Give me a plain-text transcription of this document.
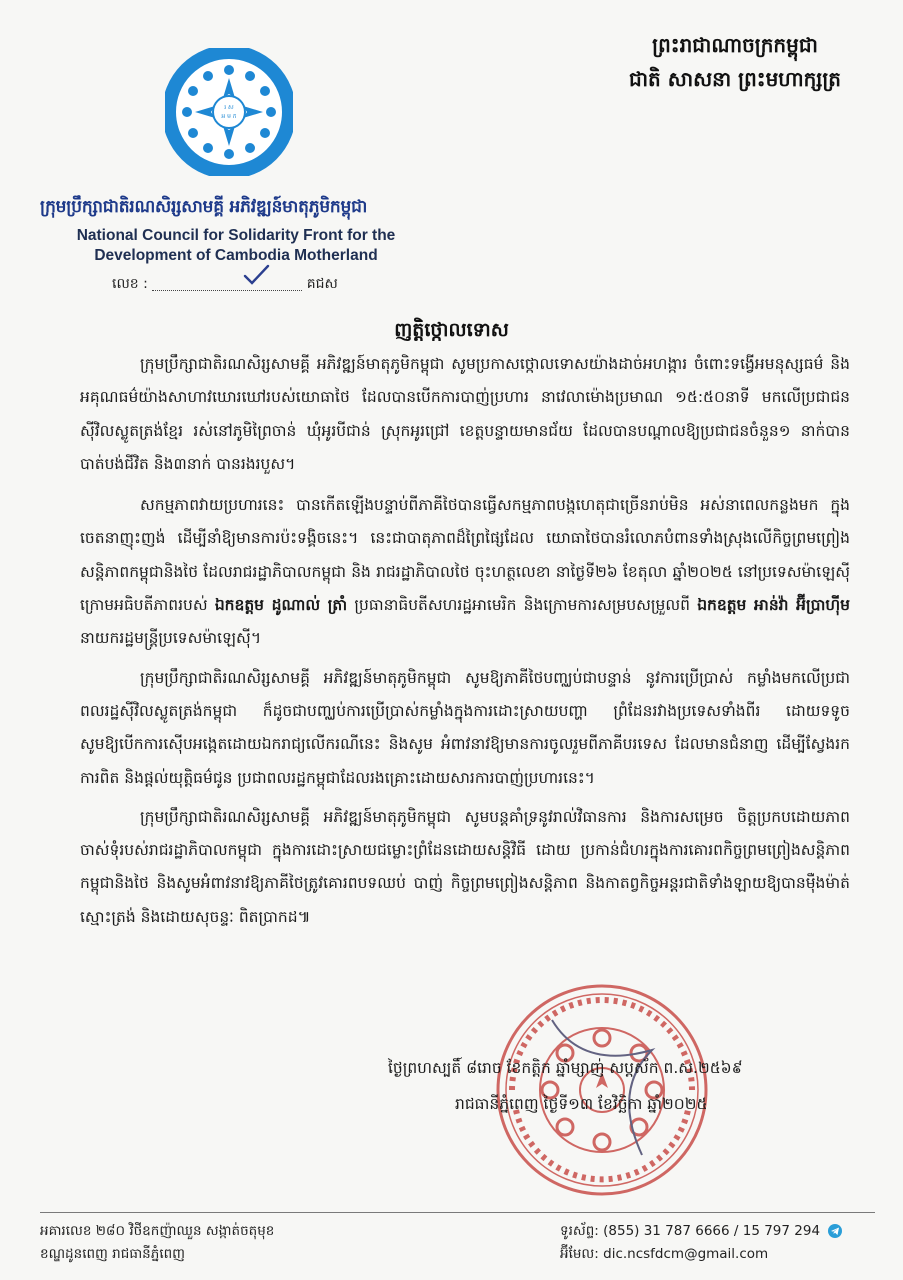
រ ស
អ ម ក
ព្រះរាជាណាចក្រកម្ពុជា
ជាតិ សាសនា ព្រះមហាក្សត្រ
ក្រុមប្រឹក្សាជាតិរណសិរ្សសាមគ្គី អភិវឌ្ឍន៍មាតុភូមិកម្ពុជា
National Council for Solidarity Front for the
Development of Cambodia Motherland
លេខ :	គជស
ញត្តិថ្កោលទោស

ក្រុមប្រឹក្សាជាតិរណសិរ្សសាមគ្គី អភិវឌ្ឍន៍មាតុភូមិកម្ពុជា សូមប្រកាសថ្កោលទោសយ៉ាងដាច់អហង្ការ ចំពោះទង្វើអមនុស្សធម៌ និងអគុណធម៌យ៉ាងសាហាវឃោរឃៅរបស់យោធាថៃ ដែលបានបើកការបាញ់ប្រហារ នាវេលាម៉ោងប្រមាណ ១៥:៥០នាទី មកលើប្រជាជនស៊ីវិលស្លូតត្រង់ខ្មែរ រស់នៅភូមិព្រៃចាន់ ឃុំអូរបីជាន់ ស្រុកអូរជ្រៅ ខេត្តបន្ទាយមានជ័យ ដែលបានបណ្តាលឱ្យប្រជាជនចំនួន១ នាក់បានបាត់បង់ជីវិត និង៣នាក់ បានរងរបួស។

សកម្មភាពវាយប្រហារនេះ បានកើតឡើងបន្ទាប់ពីភាគីថៃបានធ្វើសកម្មភាពបង្កហេតុជាច្រើនរាប់មិន អស់នាពេលកន្លងមក ក្នុងចេតនាញុះញង់ ដើម្បីនាំឱ្យមានការប៉ះទង្គិចនេះ។ នេះជាបាតុភាពដ៏ព្រៃផ្សៃដែល យោធាថៃបានរំលោភបំពានទាំងស្រុងលើកិច្ចព្រមព្រៀងសន្តិភាពកម្ពុជានិងថៃ ដែលរាជរដ្ឋាភិបាលកម្ពុជា និង រាជរដ្ឋាភិបាលថៃ ចុះហត្ថលេខា នាថ្ងៃទី២៦ ខែតុលា ឆ្នាំ២០២៥ នៅប្រទេសម៉ាឡេស៊ី ក្រោមអធិបតីភាពរបស់ ឯកឧត្តម ដូណាល់ ត្រាំ ប្រធានាធិបតីសហរដ្ឋអាមេរិក និងក្រោមការសម្របសម្រួលពី ឯកឧត្តម អាន់វ៉ា អ៊ីប្រាហ៊ីម នាយករដ្ឋមន្ត្រីប្រទេសម៉ាឡេស៊ី។

ក្រុមប្រឹក្សាជាតិរណសិរ្សសាមគ្គី អភិវឌ្ឍន៍មាតុភូមិកម្ពុជា សូមឱ្យភាគីថៃបញ្ឈប់ជាបន្ទាន់ នូវការប្រើប្រាស់ កម្លាំងមកលើប្រជាពលរដ្ឋស៊ីវិលស្លូតត្រង់កម្ពុជា ក៏ដូចជាបញ្ឈប់ការប្រើប្រាស់កម្លាំងក្នុងការដោះស្រាយបញ្ហា ព្រំដែនរវាងប្រទេសទាំងពីរ ដោយទទូចសូមឱ្យបើកការស៊ើបអង្កេតដោយឯករាជ្យលើករណីនេះ និងសូម អំពាវនាវឱ្យមានការចូលរួមពីភាគីបរទេស ដែលមានជំនាញ ដើម្បីស្វែងរកការពិត និងផ្តល់យុត្តិធម៌ជូន ប្រជាពលរដ្ឋកម្ពុជាដែលរងគ្រោះដោយសារការបាញ់ប្រហារនេះ។

ក្រុមប្រឹក្សាជាតិរណសិរ្សសាមគ្គី អភិវឌ្ឍន៍មាតុភូមិកម្ពុជា សូមបន្តគាំទ្រនូវរាល់វិធានការ និងការសម្រេច ចិត្តប្រកបដោយភាពចាស់ទុំរបស់រាជរដ្ឋាភិបាលកម្ពុជា ក្នុងការដោះស្រាយជម្លោះព្រំដែនដោយសន្តិវិធី ដោយ ប្រកាន់ជំហរក្នុងការគោរពកិច្ចព្រមព្រៀងសន្តិភាពកម្ពុជានិងថៃ និងសូមអំពាវនាវឱ្យភាគីថៃត្រូវគោរពបទឈប់ បាញ់ កិច្ចព្រមព្រៀងសន្តិភាព និងកាតព្វកិច្ចអន្តរជាតិទាំងឡាយឱ្យបានម៉ឺងម៉ាត់ ស្មោះត្រង់ និងដោយសុចន្ទៈ ពិតប្រាកដ៕

ថ្ងៃព្រហស្បតិ៍ ៨រោច ខែកត្តិក ឆ្នាំម្សាញ់ សប្តស័ក ព.ស.២៥៦៩
រាជធានីភ្នំពេញ ថ្ងៃទី១៣ ខែវិច្ឆិកា ឆ្នាំ២០២៥
អគារលេខ ២៨០ វិថីឧកញ៉ាឈួន សង្កាត់ចតុមុខ
ខណ្ឌដូនពេញ រាជធានីភ្នំពេញ
ទូរស័ព្ទ: (855) 31 787 6666 / 15 797 294
អ៊ីមែល: dic.ncsfdcm@gmail.com
